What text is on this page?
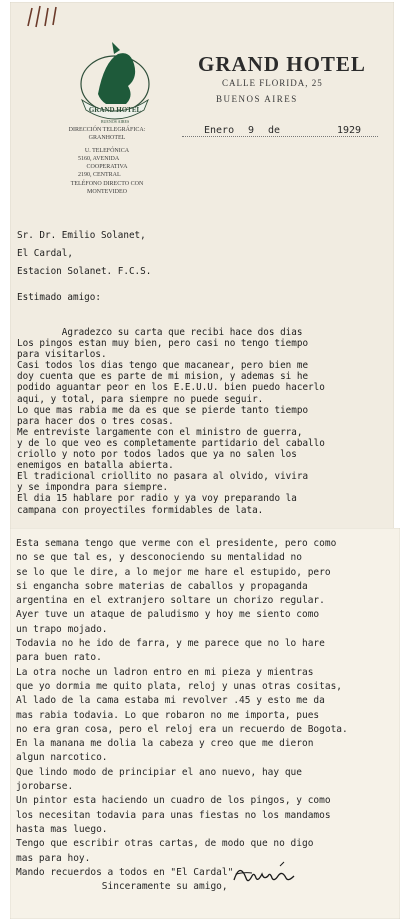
GRAND HOTEL
BUENOS AIRES
GRAND HOTEL
CALLE FLORIDA, 25
BUENOS AIRES
DIRECCIÓN TELEGRÁFICA:
GRANHOTEL
U. TELEFÓNICA
5160, AVENIDA
COOPERATIVA
2190, CENTRAL
TELÉFONO DIRECTO CON
MONTEVIDEO
Enero 9 de	1929
Sr. Dr. Emilio Solanet,
El Cardal,
Estacion Solanet. F.C.S.
Estimado amigo:
Agradezco su carta que recibi hace dos dias
Los pingos estan muy bien, pero casi no tengo tiempo
para visitarlos.
Casi todos los dias tengo que macanear, pero bien me
doy cuenta que es parte de mi mision, y ademas si he
podido aguantar peor en los E.E.U.U. bien puedo hacerlo
aqui, y total, para siempre no puede seguir.
Lo que mas rabia me da es que se pierde tanto tiempo
para hacer dos o tres cosas.
Me entreviste largamente con el ministro de guerra,
y de lo que veo es completamente partidario del caballo
criollo y noto por todos lados que ya no salen los
enemigos en batalla abierta.
El tradicional criollito no pasara al olvido, vivira
y se impondra para siempre.
El dia 15 hablare por radio y ya voy preparando la
campana con proyectiles formidables de lata.
Esta semana tengo que verme con el presidente, pero como
no se que tal es, y desconociendo su mentalidad no
se lo que le dire, a lo mejor me hare el estupido, pero
si engancha sobre materias de caballos y propaganda
argentina en el extranjero soltare un chorizo regular.
Ayer tuve un ataque de paludismo y hoy me siento como
un trapo mojado.
Todavia no he ido de farra, y me parece que no lo hare
para buen rato.
La otra noche un ladron entro en mi pieza y mientras
que yo dormia me quito plata, reloj y unas otras cositas,
Al lado de la cama estaba mi revolver .45 y esto me da
mas rabia todavia. Lo que robaron no me importa, pues
no era gran cosa, pero el reloj era un recuerdo de Bogota.
En la manana me dolia la cabeza y creo que me dieron
algun narcotico.
Que lindo modo de principiar el ano nuevo, hay que
jorobarse.
Un pintor esta haciendo un cuadro de los pingos, y como
los necesitan todavia para unas fiestas no los mandamos
hasta mas luego.
Tengo que escribir otras cartas, de modo que no digo
mas para hoy.
Mando recuerdos a todos en "El Cardal".
Sinceramente su amigo,
